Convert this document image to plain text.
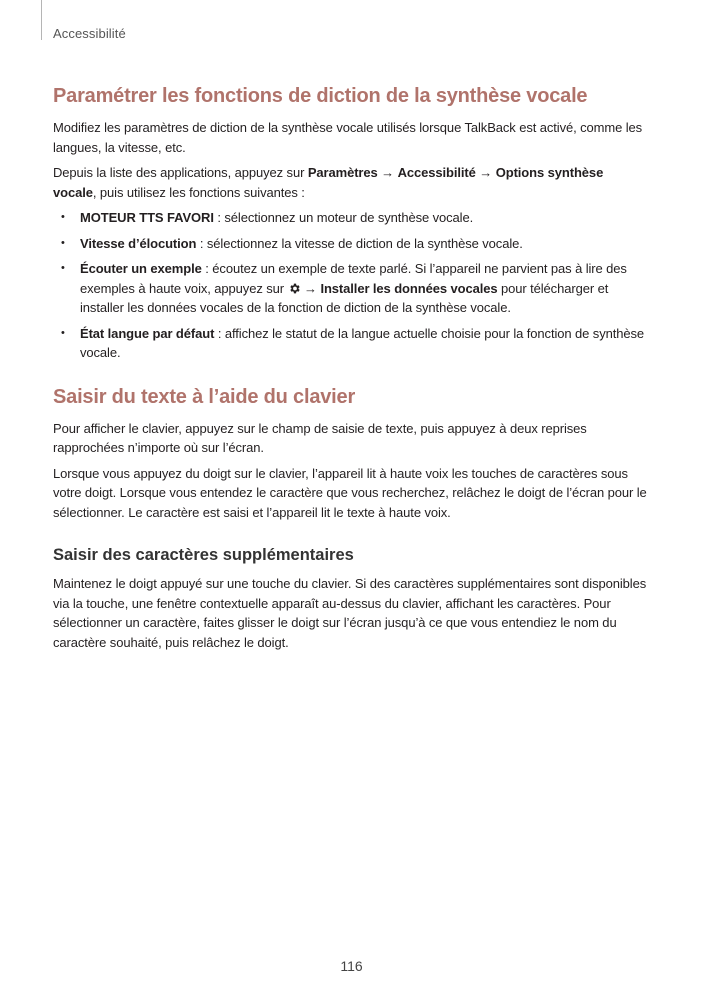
Accessibilité
Paramétrer les fonctions de diction de la synthèse vocale

Modifiez les paramètres de diction de la synthèse vocale utilisés lorsque TalkBack est activé, comme les langues, la vitesse, etc.

Depuis la liste des applications, appuyez sur Paramètres → Accessibilité → Options synthèse vocale, puis utilisez les fonctions suivantes :

• MOTEUR TTS FAVORI : sélectionnez un moteur de synthèse vocale.
• Vitesse d’élocution : sélectionnez la vitesse de diction de la synthèse vocale.
• Écouter un exemple : écoutez un exemple de texte parlé. Si l’appareil ne parvient pas à lire des exemples à haute voix, appuyez sur  → Installer les données vocales pour télécharger et installer les données vocales de la fonction de diction de la synthèse vocale.
• État langue par défaut : affichez le statut de la langue actuelle choisie pour la fonction de synthèse vocale.
Saisir du texte à l’aide du clavier

Pour afficher le clavier, appuyez sur le champ de saisie de texte, puis appuyez à deux reprises rapprochées n’importe où sur l’écran.

Lorsque vous appuyez du doigt sur le clavier, l’appareil lit à haute voix les touches de caractères sous votre doigt. Lorsque vous entendez le caractère que vous recherchez, relâchez le doigt de l’écran pour le sélectionner. Le caractère est saisi et l’appareil lit le texte à haute voix.

Saisir des caractères supplémentaires

Maintenez le doigt appuyé sur une touche du clavier. Si des caractères supplémentaires sont disponibles via la touche, une fenêtre contextuelle apparaît au-dessus du clavier, affichant les caractères. Pour sélectionner un caractère, faites glisser le doigt sur l’écran jusqu’à ce que vous entendiez le nom du caractère souhaité, puis relâchez le doigt.

116
